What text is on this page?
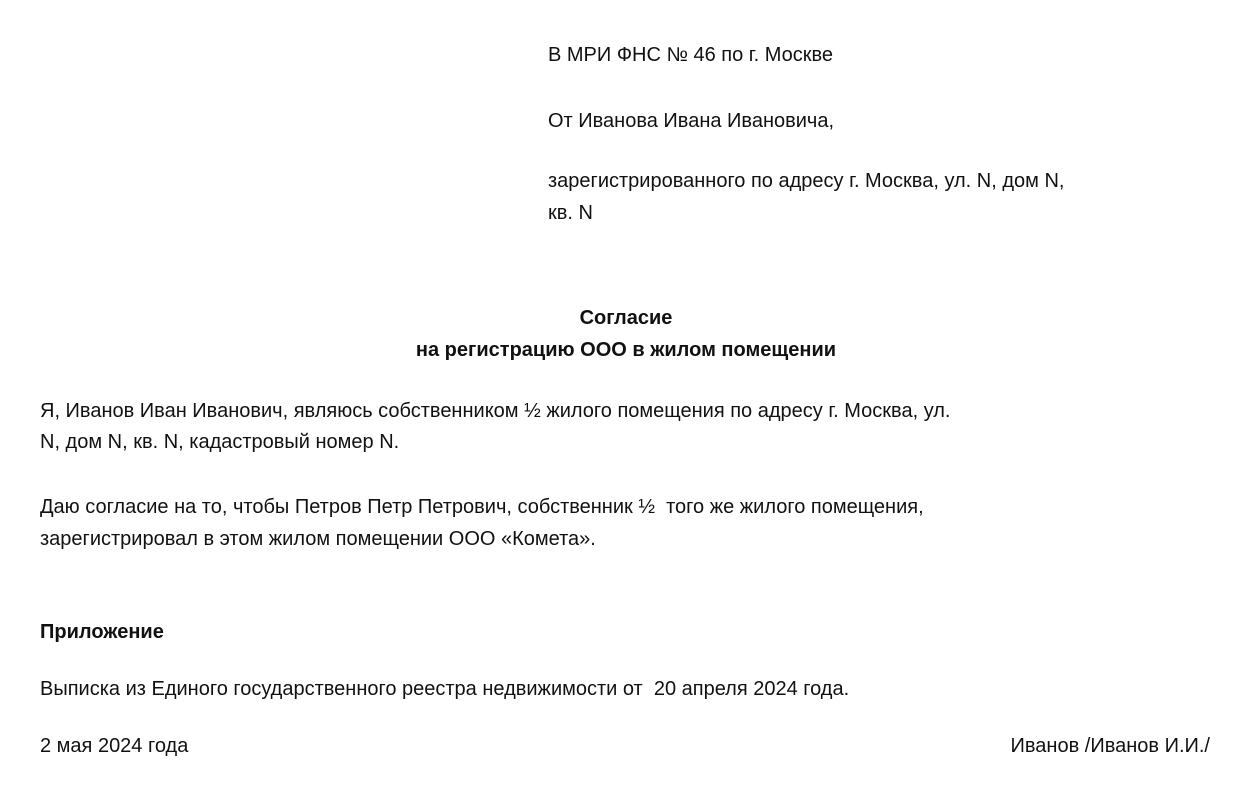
В МРИ ФНС № 46 по г. Москве
От Иванова Ивана Ивановича,
зарегистрированного по адресу г. Москва, ул. N, дом N,
кв. N
Согласие
на регистрацию ООО в жилом помещении
Я, Иванов Иван Иванович, являюсь собственником ½ жилого помещения по адресу г. Москва, ул.
N, дом N, кв. N, кадастровый номер N.
Даю согласие на то, чтобы Петров Петр Петрович, собственник ½  того же жилого помещения,
зарегистрировал в этом жилом помещении ООО «Комета».
Приложение
Выписка из Единого государственного реестра недвижимости от  20 апреля 2024 года.
2 мая 2024 года	Иванов /Иванов И.И./
